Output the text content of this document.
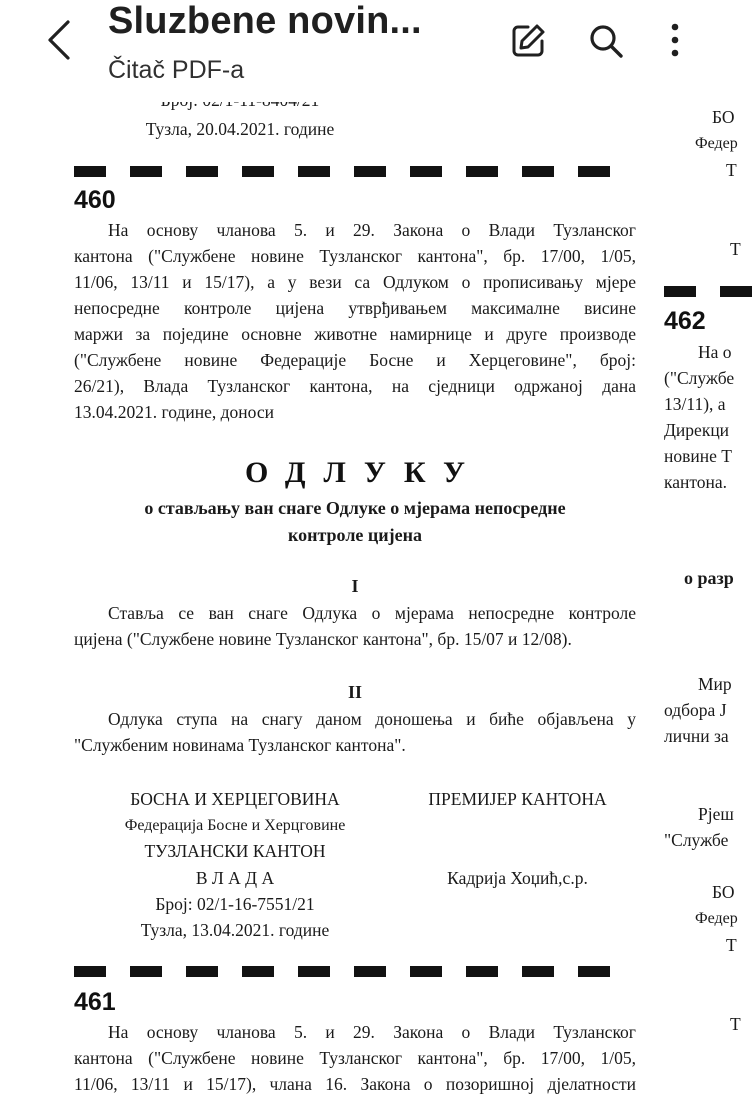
Sluzbene novin...
Čitač PDF-a
Тузла, 20.04.2021. године
460
На основу чланова 5. и 29. Закона о Влади Тузланског
кантона ("Службене новине Тузланског кантона", бр. 17/00, 1/05,
11/06, 13/11 и 15/17), а у вези са Одлуком о прописивању мјере
непосредне контроле цијена утврђивањем максималне висине
маржи за поједине основне животне намирнице и друге производе
("Службене новине Федерације Босне и Херцеговине", број:
26/21), Влада Тузланског кантона, на сједници одржаној дана
13.04.2021. године, доноси
ОДЛУКУ
о стављању ван снаге Одлуке о мјерама непосредне
контроле цијена
I
Ставља се ван снаге Одлука о мјерама непосредне контроле
цијена ("Службене новине Тузланског кантона", бр. 15/07 и 12/08).
II
Одлука ступа на снагу даном доношења и биће објављена у
"Службеним новинама Тузланског кантона".
БОСНА И ХЕРЦЕГОВИНА
Федерација Босне и Херцговине
ТУЗЛАНСКИ КАНТОН
В Л А Д А
Број: 02/1-16-7551/21
Тузла, 13.04.2021. године
ПРЕМИЈЕР КАНТОНА
Кадрија Хоџић,с.р.
461
На основу чланова 5. и 29. Закона о Влади Тузланског
кантона ("Службене новине Тузланског кантона", бр. 17/00, 1/05,
11/06, 13/11 и 15/17), члана 16. Закона о позоришној дјелатности
БО
Федер
Т
Т
462
На о
("Службе
13/11), а
Дирекци
новине Т
кантона.
о разр
Мир
одбора Ј
лични за
Рјеш
"Службе
БО
Федер
Т
Т
